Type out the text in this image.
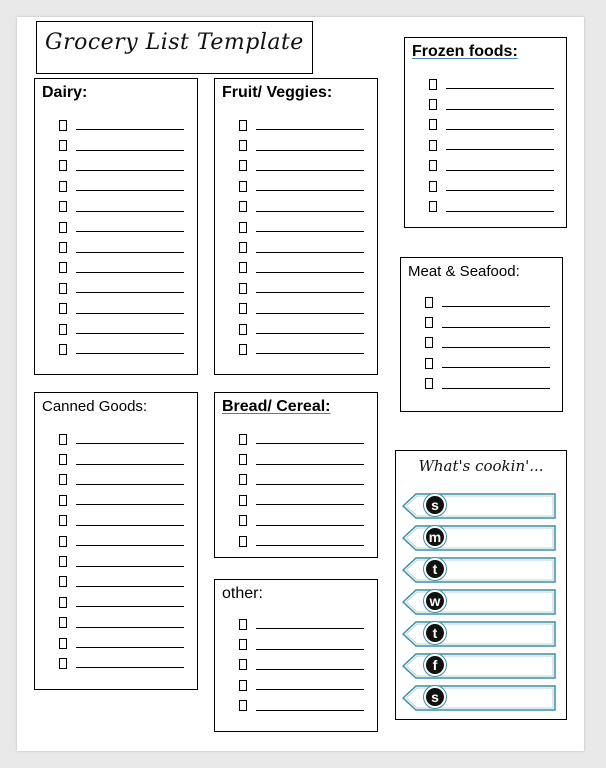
Grocery List Template
Dairy:	Fruit/ Veggies:
Frozen foods:
Meat & Seafood:
Canned Goods:	Bread/ Cereal:
other:
What's cookin'...
s
m
t
w
t
f
s
